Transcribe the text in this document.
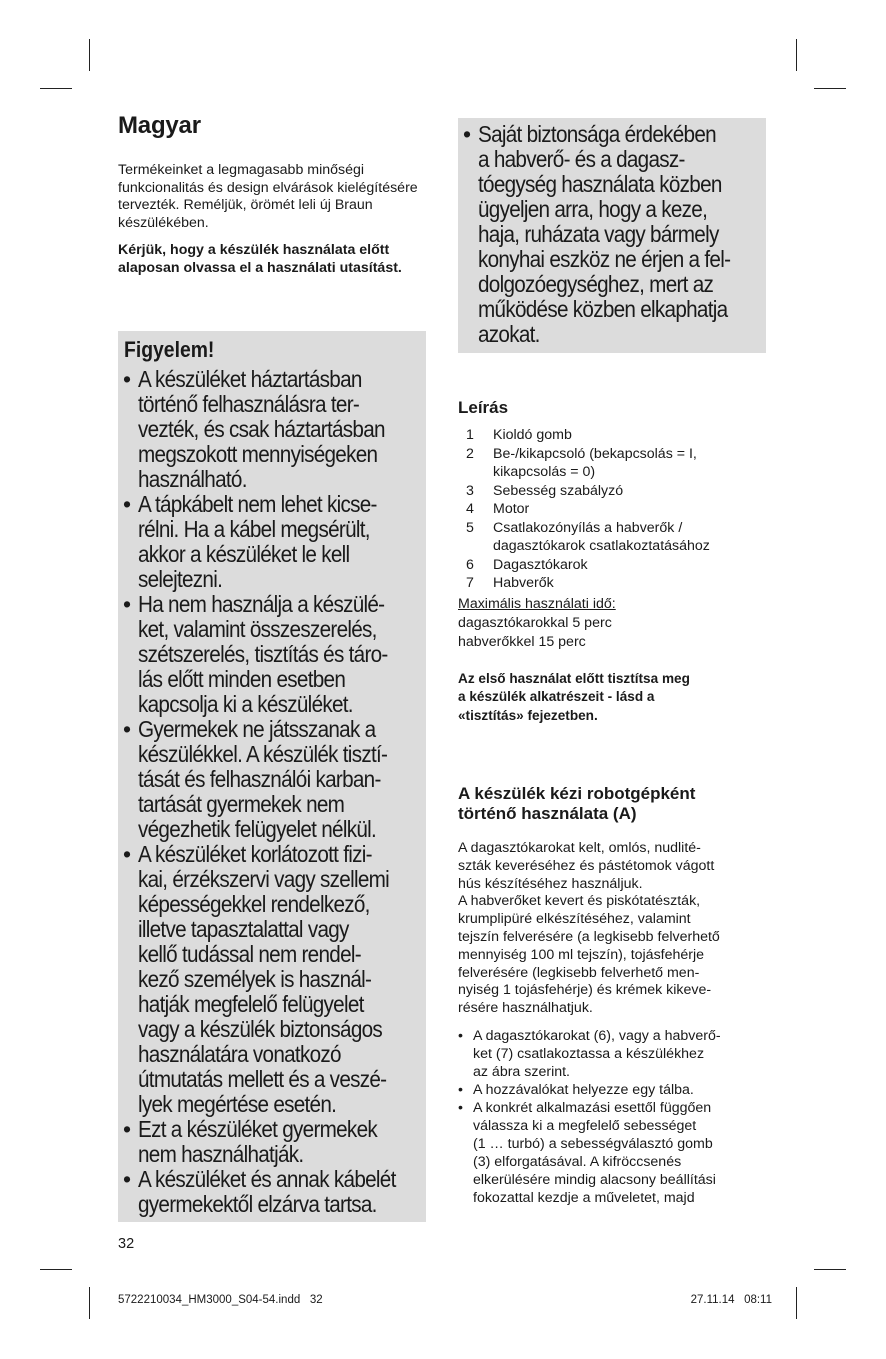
Magyar

Termékeinket a legmagasabb minőségi funkcionalitás és design elvárások kielégítésére tervezték. Reméljük, örömét leli új Braun készülékében.

Kérjük, hogy a készülék használata előtt alaposan olvassa el a használati utasítást.

Figyelem!
• A készüléket háztartásban
történő felhasználásra ter-
vezték, és csak háztartásban
megszokott mennyiségeken
használható.
• A tápkábelt nem lehet kicse-
rélni. Ha a kábel megsérült,
akkor a készüléket le kell
selejtezni.
• Ha nem használja a készülé-
ket, valamint összeszerelés,
szétszerelés, tisztítás és táro-
lás előtt minden esetben
kapcsolja ki a készüléket.
• Gyermekek ne játsszanak a
készülékkel. A készülék tisztí-
tását és felhasználói karban-
tartását gyermekek nem
végezhetik felügyelet nélkül.
• A készüléket korlátozott fizi-
kai, érzékszervi vagy szellemi
képességekkel rendelkező,
illetve tapasztalattal vagy
kellő tudással nem rendel-
kező személyek is használ-
hatják megfelelő felügyelet
vagy a készülék biztonságos
használatára vonatkozó
útmutatás mellett és a veszé-
lyek megértése esetén.
• Ezt a készüléket gyermekek
nem használhatják.
• A készüléket és annak kábelét
gyermekektől elzárva tartsa.
• Saját biztonsága érdekében
a habverő- és a dagasz-
tóegység használata közben
ügyeljen arra, hogy a keze,
haja, ruházata vagy bármely
konyhai eszköz ne érjen a fel-
dolgozóegységhez, mert az
működése közben elkaphatja
azokat.
Leírás
1	Kioldó gomb
2	Be-/kikapcsoló (bekapcsolás = I,
kikapcsolás = 0)
3	Sebesség szabályzó
4	Motor
5	Csatlakozónyílás a habverők /
dagasztókarok csatlakoztatásához
6	Dagasztókarok
7	Habverők

Maximális használati idő:

dagasztókarokkal 5 perc

habverőkkel 15 perc

Az első használat előtt tisztítsa meg
a készülék alkatrészeit - lásd a
«tisztítás» fejezetben.

A készülék kézi robotgépként
történő használata (A)

A dagasztókarokat kelt, omlós, nudlité-
szták keveréséhez és pástétomok vágott
hús készítéséhez használjuk.
A habverőket kevert és piskótatészták,
krumplipüré elkészítéséhez, valamint
tejszín felverésére (a legkisebb felverhető
mennyiség 100 ml tejszín), tojásfehérje
felverésére (legkisebb felverhető men-
nyiség 1 tojásfehérje) és krémek kikeve-
résére használhatjuk.

• A dagasztókarokat (6), vagy a habverő-
ket (7) csatlakoztassa a készülékhez
az ábra szerint.
• A hozzávalókat helyezze egy tálba.
• A konkrét alkalmazási esettől függően
válassza ki a megfelelő sebességet
(1 … turbó) a sebességválasztó gomb
(3) elforgatásával. A kifröccsenés
elkerülésére mindig alacsony beállítási
fokozattal kezdje a műveletet, majd
32
5722210034_HM3000_S04-54.indd   32	27.11.14   08:11
